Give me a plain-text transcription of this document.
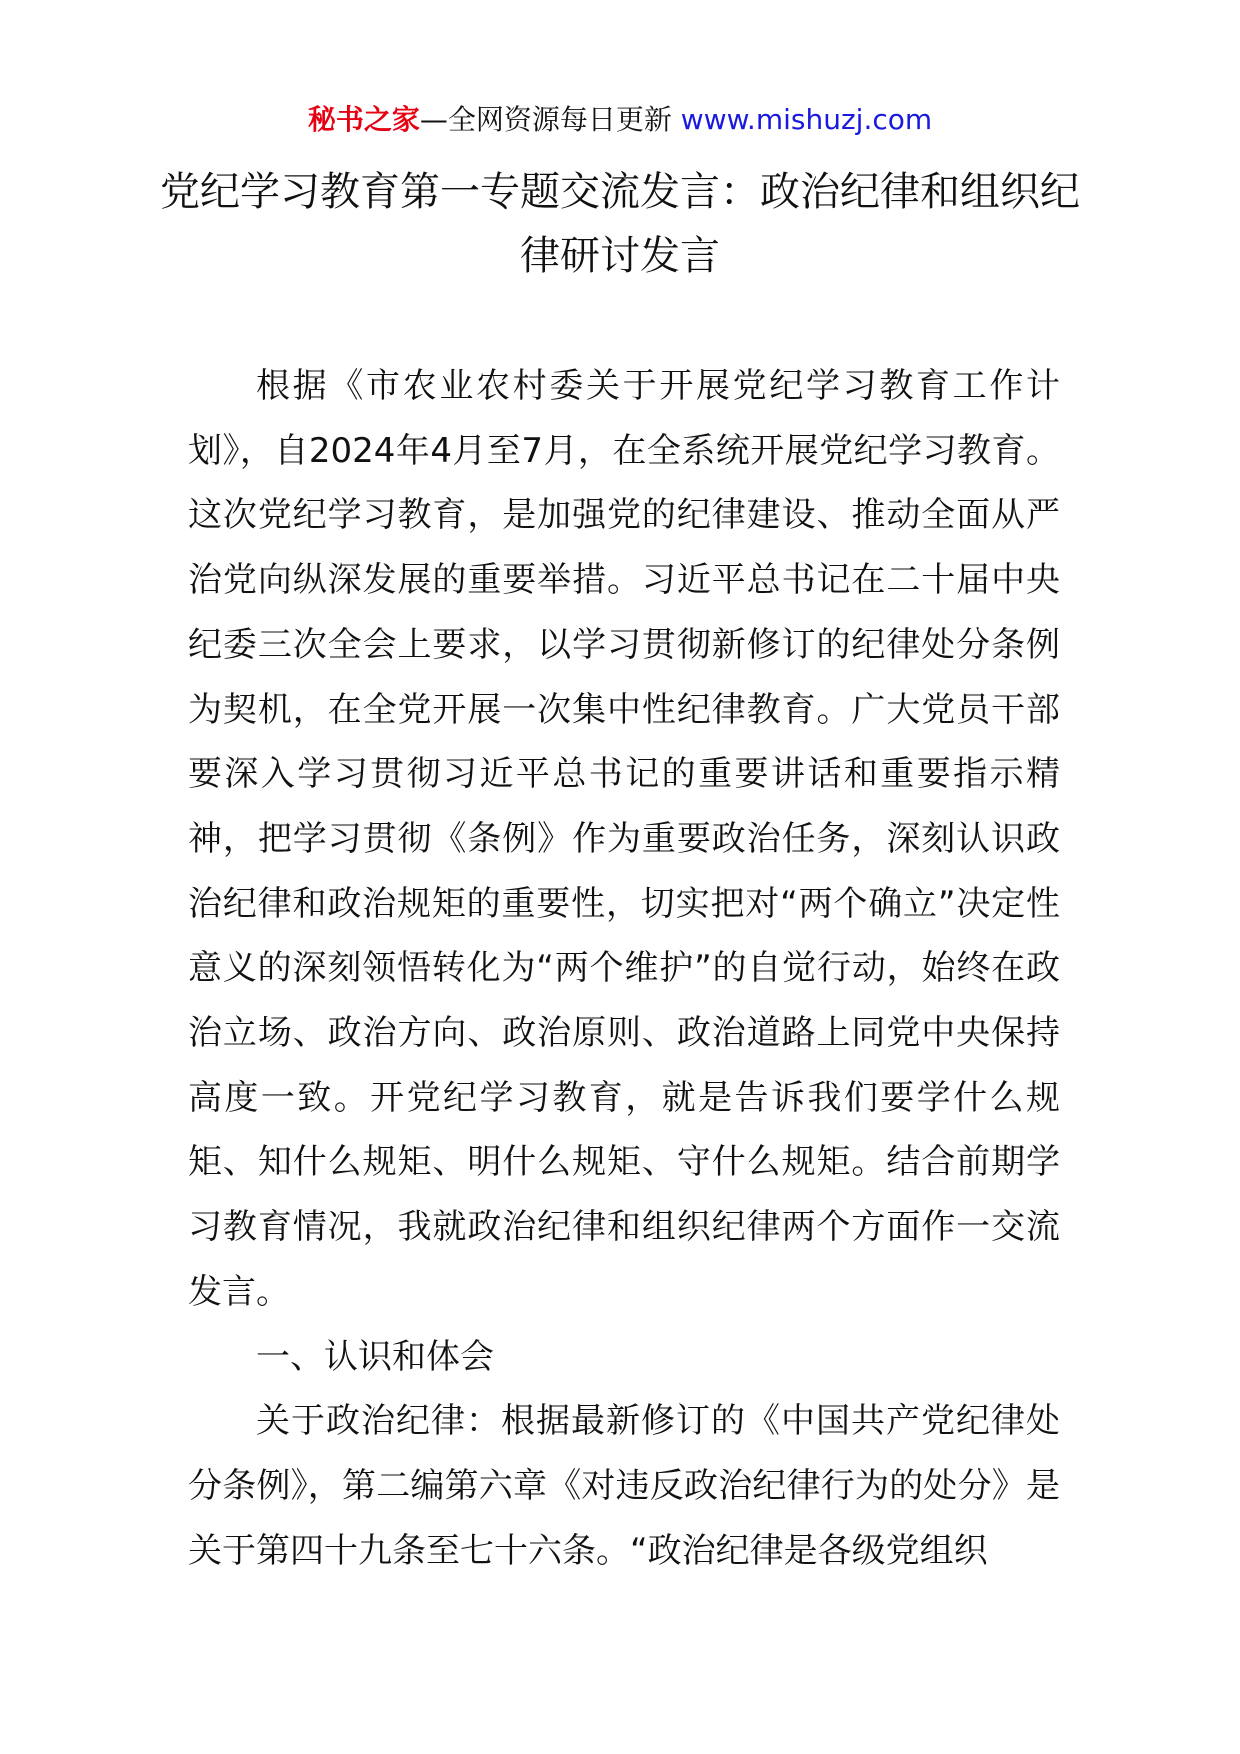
秘书之家—全网资源每日更新 www.mishuzj.com
党纪学习教育第一专题交流发言：政治纪律和组织纪律研讨发言

根据《市农业农村委关于开展党纪学习教育工作计划》，自2024年4月至7月，在全系统开展党纪学习教育。这次党纪学习教育，是加强党的纪律建设、推动全面从严治党向纵深发展的重要举措。习近平总书记在二十届中央纪委三次全会上要求，以学习贯彻新修订的纪律处分条例为契机，在全党开展一次集中性纪律教育。广大党员干部要深入学习贯彻习近平总书记的重要讲话和重要指示精神，把学习贯彻《条例》作为重要政治任务，深刻认识政治纪律和政治规矩的重要性，切实把对“两个确立”决定性意义的深刻领悟转化为“两个维护”的自觉行动，始终在政治立场、政治方向、政治原则、政治道路上同党中央保持高度一致。开党纪学习教育，就是告诉我们要学什么规矩、知什么规矩、明什么规矩、守什么规矩。结合前期学习教育情况，我就政治纪律和组织纪律两个方面作一交流发言。

一、认识和体会

关于政治纪律：根据最新修订的《中国共产党纪律处分条例》，第二编第六章《对违反政治纪律行为的处分》是关于第四十九条至七十六条。“政治纪律是各级党组织
